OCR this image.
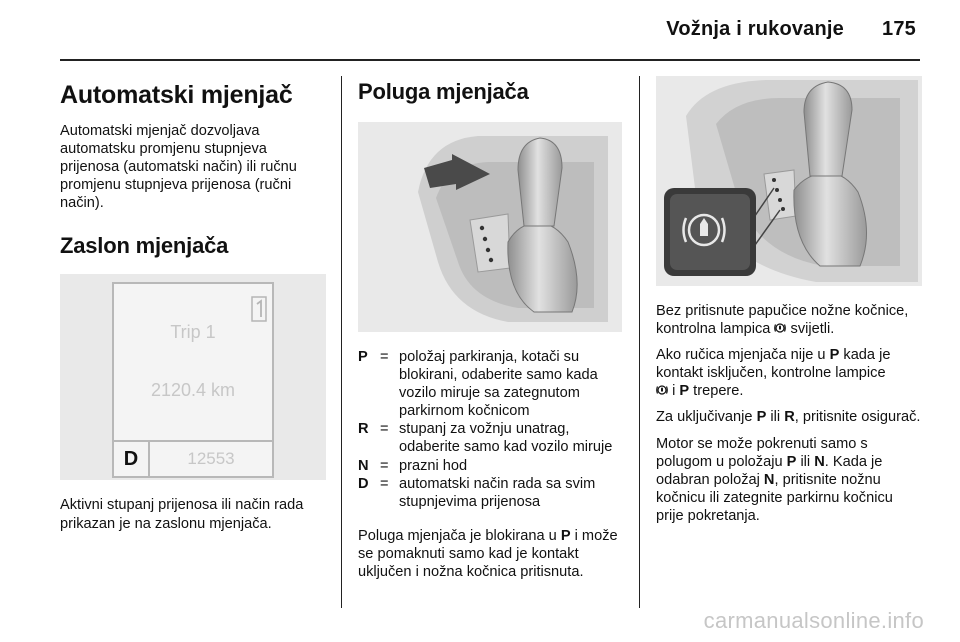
Vožnja i rukovanje 175
Automatski mjenjač

Automatski mjenjač dozvoljava automatsku promjenu stupnjeva prijenosa (automatski način) ili ručnu promjenu stupnjeva prijenosa (ručni način).

Zaslon mjenjača
Trip 1
2120.4 km
D	12553

Aktivni stupanj prijenosa ili način rada prikazan je na zaslonu mjenjača.

Poluga mjenjača
P = položaj parkiranja, kotači su blokirani, odaberite samo kada vozilo miruje sa zategnutom parkirnom kočnicom
R = stupanj za vožnju unatrag, odaberite samo kad vozilo miruje
N = prazni hod
D = automatski način rada sa svim stupnjevima prijenosa

Poluga mjenjača je blokirana u P i može se pomaknuti samo kad je kontakt uključen i nožna kočnica pritisnuta.

Bez pritisnute papučice nožne kočnice, kontrolna lampica svijetli.

Ako ručica mjenjača nije u P kada je kontakt isključen, kontrolne lampice
i P trepere.

Za uključivanje P ili R, pritisnite osigurač.

Motor se može pokrenuti samo s polugom u položaju P ili N. Kada je odabran položaj N, pritisnite nožnu kočnicu ili zategnite parkirnu kočnicu prije pokretanja.

carmanualsonline.info
